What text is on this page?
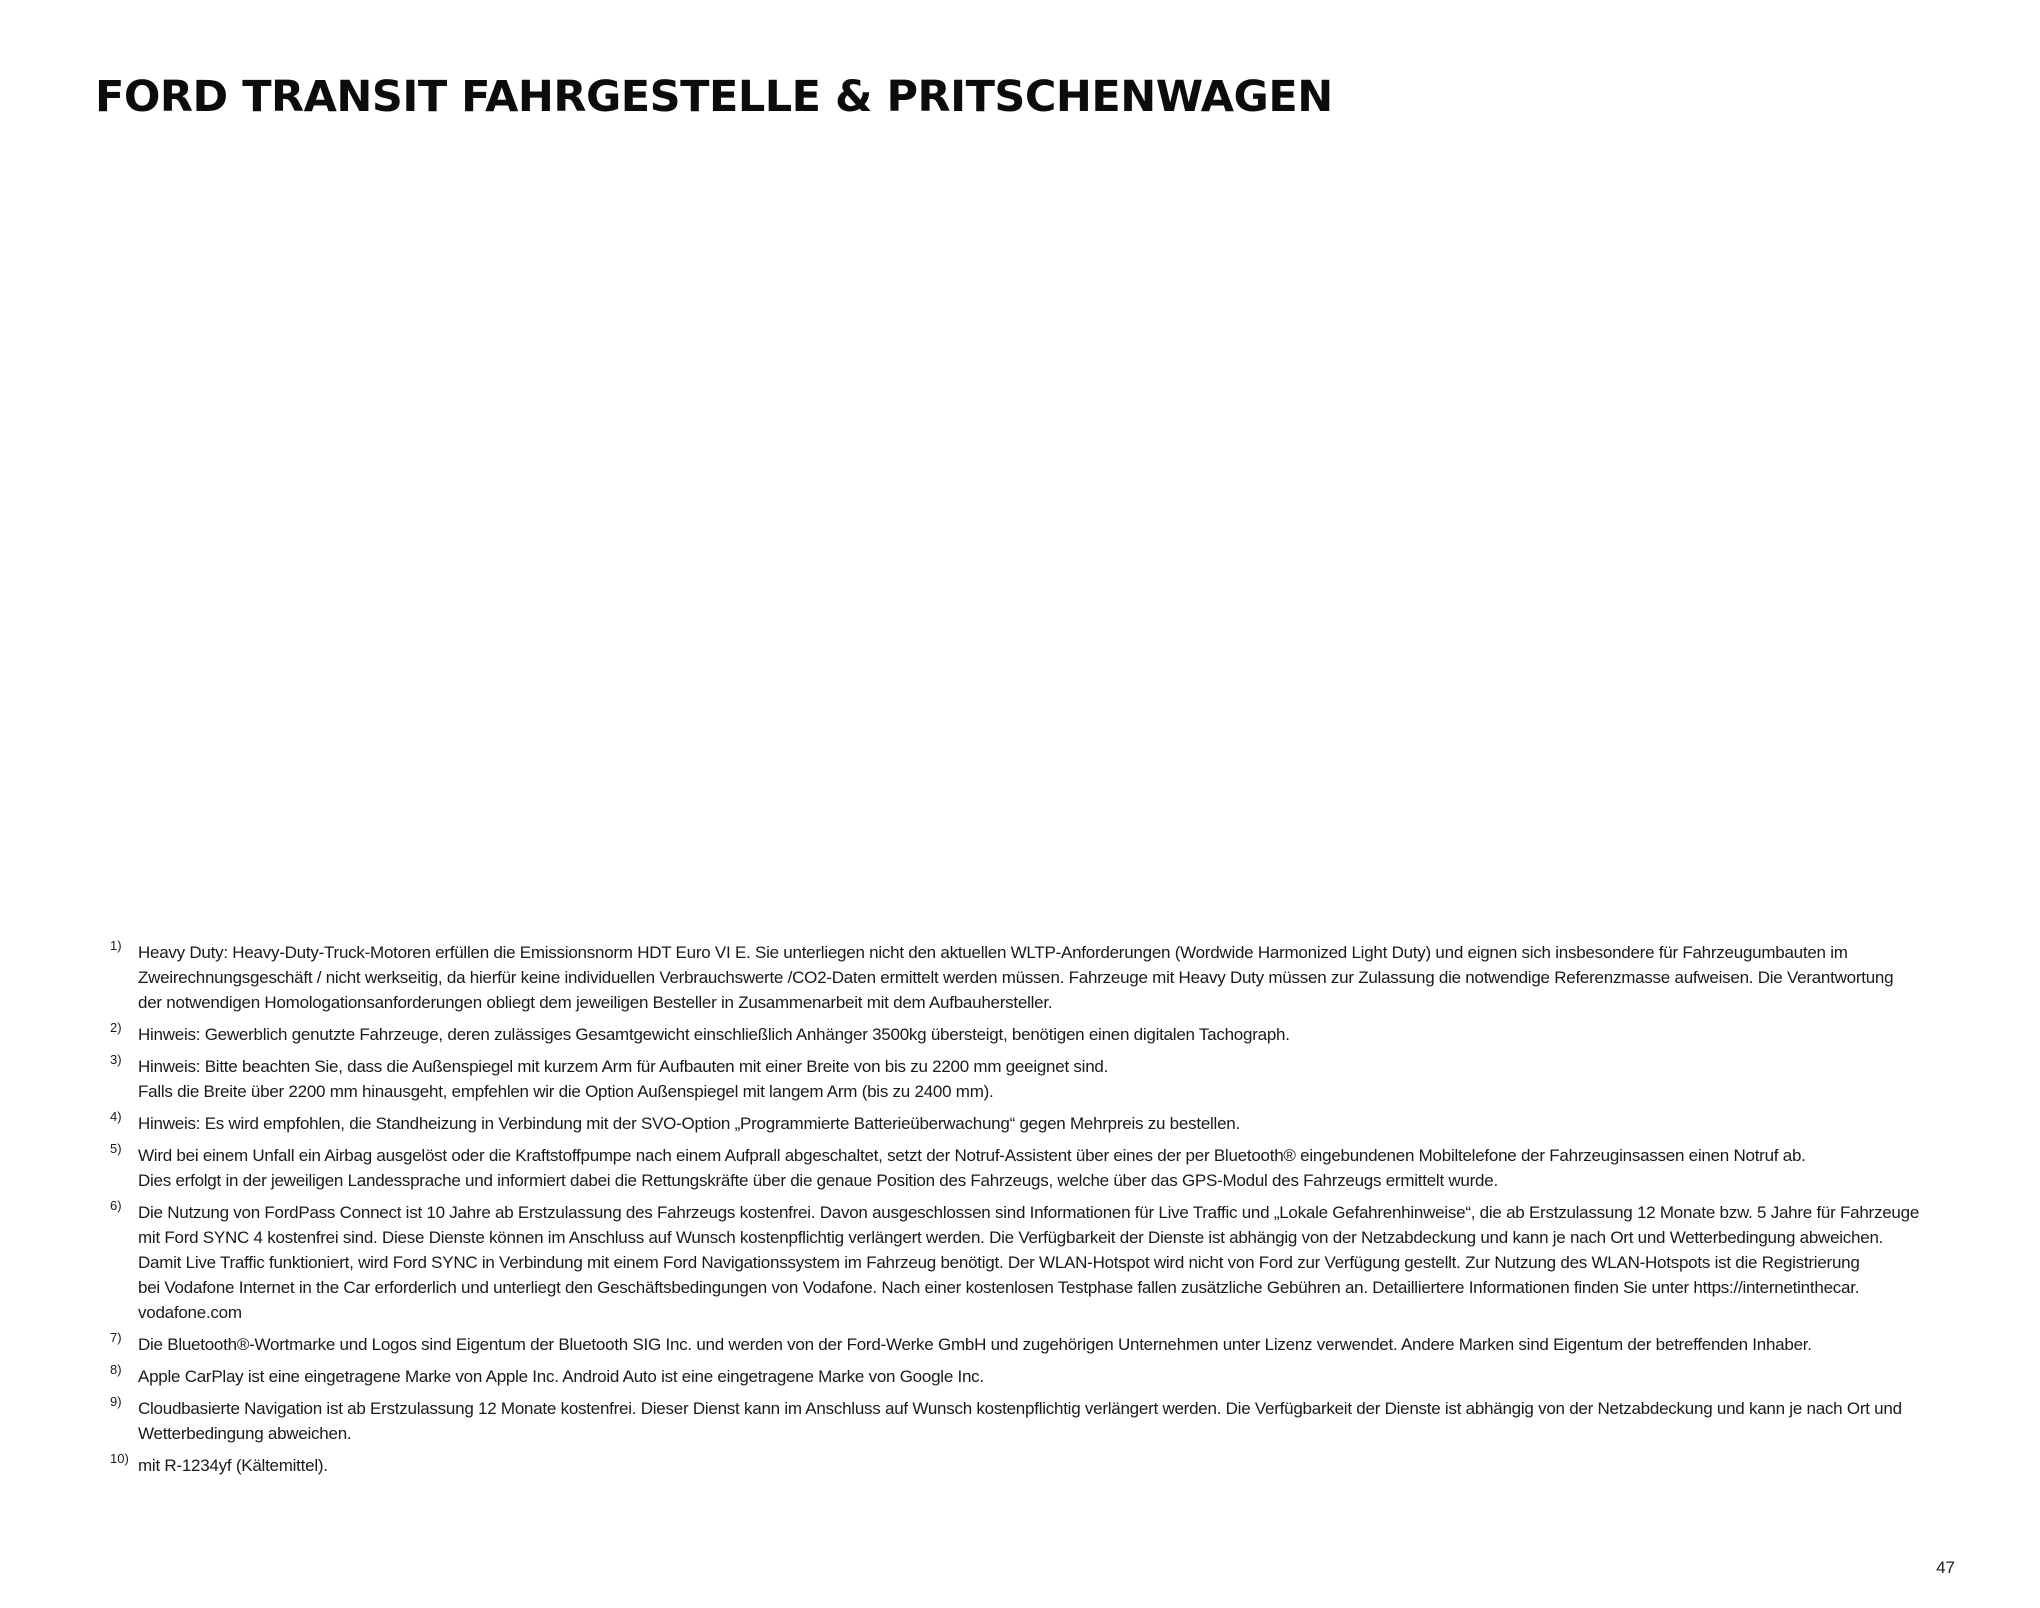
FORD TRANSIT FAHRGESTELLE & PRITSCHENWAGEN
1) Heavy Duty: Heavy-Duty-Truck-Motoren erfüllen die Emissionsnorm HDT Euro VI E. Sie unterliegen nicht den aktuellen WLTP-Anforderungen (Wordwide Harmonized Light Duty) und eignen sich insbesondere für Fahrzeugumbauten im
Zweirechnungsgeschäft / nicht werkseitig, da hierfür keine individuellen Verbrauchswerte /CO2-Daten ermittelt werden müssen. Fahrzeuge mit Heavy Duty müssen zur Zulassung die notwendige Referenzmasse aufweisen. Die Verantwortung
der notwendigen Homologationsanforderungen obliegt dem jeweiligen Besteller in Zusammenarbeit mit dem Aufbauhersteller.
2) Hinweis: Gewerblich genutzte Fahrzeuge, deren zulässiges Gesamtgewicht einschließlich Anhänger 3500kg übersteigt, benötigen einen digitalen Tachograph.
3) Hinweis: Bitte beachten Sie, dass die Außenspiegel mit kurzem Arm für Aufbauten mit einer Breite von bis zu 2200 mm geeignet sind.
Falls die Breite über 2200 mm hinausgeht, empfehlen wir die Option Außenspiegel mit langem Arm (bis zu 2400 mm).
4) Hinweis: Es wird empfohlen, die Standheizung in Verbindung mit der SVO-Option „Programmierte Batterieüberwachung“ gegen Mehrpreis zu bestellen.
5) Wird bei einem Unfall ein Airbag ausgelöst oder die Kraftstoffpumpe nach einem Aufprall abgeschaltet, setzt der Notruf-Assistent über eines der per Bluetooth® eingebundenen Mobiltelefone der Fahrzeuginsassen einen Notruf ab.
Dies erfolgt in der jeweiligen Landessprache und informiert dabei die Rettungskräfte über die genaue Position des Fahrzeugs, welche über das GPS-Modul des Fahrzeugs ermittelt wurde.
6) Die Nutzung von FordPass Connect ist 10 Jahre ab Erstzulassung des Fahrzeugs kostenfrei. Davon ausgeschlossen sind Informationen für Live Traffic und „Lokale Gefahrenhinweise“, die ab Erstzulassung 12 Monate bzw. 5 Jahre für Fahrzeuge
mit Ford SYNC 4 kostenfrei sind. Diese Dienste können im Anschluss auf Wunsch kostenpflichtig verlängert werden. Die Verfügbarkeit der Dienste ist abhängig von der Netzabdeckung und kann je nach Ort und Wetterbedingung abweichen.
Damit Live Traffic funktioniert, wird Ford SYNC in Verbindung mit einem Ford Navigationssystem im Fahrzeug benötigt. Der WLAN-Hotspot wird nicht von Ford zur Verfügung gestellt. Zur Nutzung des WLAN-Hotspots ist die Registrierung
bei Vodafone Internet in the Car erforderlich und unterliegt den Geschäftsbedingungen von Vodafone. Nach einer kostenlosen Testphase fallen zusätzliche Gebühren an. Detailliertere Informationen finden Sie unter https://internetinthecar.
vodafone.com
7) Die Bluetooth®-Wortmarke und Logos sind Eigentum der Bluetooth SIG Inc. und werden von der Ford-Werke GmbH und zugehörigen Unternehmen unter Lizenz verwendet. Andere Marken sind Eigentum der betreffenden Inhaber.
8) Apple CarPlay ist eine eingetragene Marke von Apple Inc. Android Auto ist eine eingetragene Marke von Google Inc.
9) Cloudbasierte Navigation ist ab Erstzulassung 12 Monate kostenfrei. Dieser Dienst kann im Anschluss auf Wunsch kostenpflichtig verlängert werden. Die Verfügbarkeit der Dienste ist abhängig von der Netzabdeckung und kann je nach Ort und
Wetterbedingung abweichen.
10) mit R-1234yf (Kältemittel).
47
